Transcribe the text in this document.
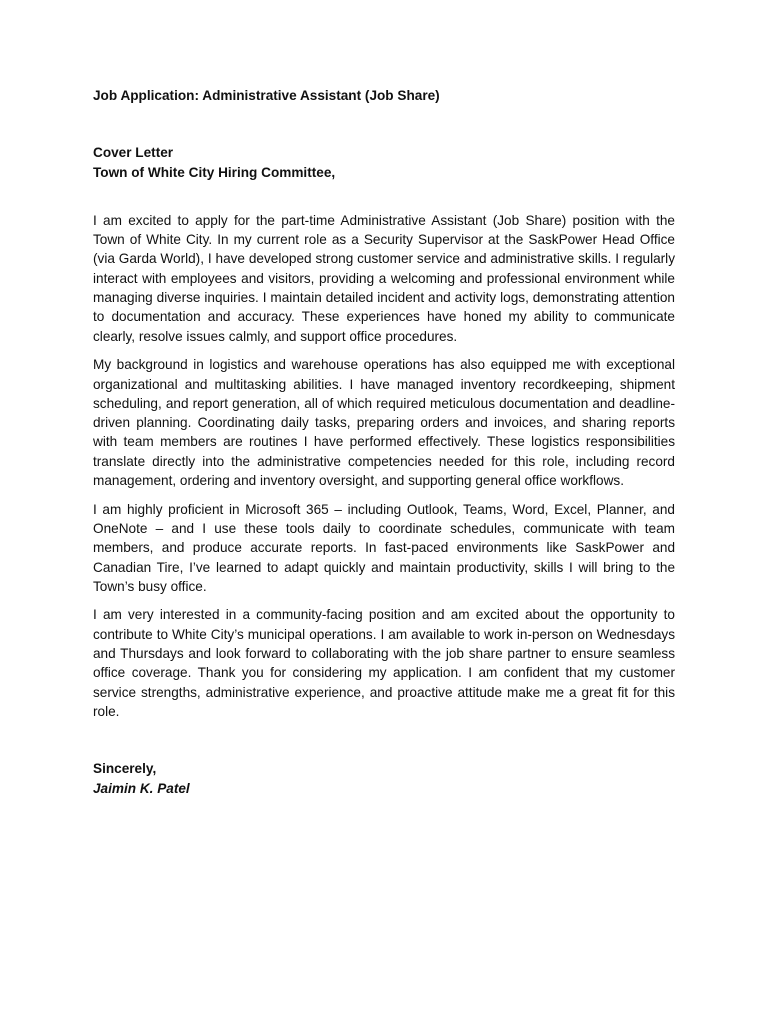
Job Application: Administrative Assistant (Job Share)
Cover Letter
Town of White City Hiring Committee,

I am excited to apply for the part-time Administrative Assistant (Job Share) position with the Town of White City. In my current role as a Security Supervisor at the SaskPower Head Office (via Garda World), I have developed strong customer service and administrative skills. I regularly interact with employees and visitors, providing a welcoming and professional environment while managing diverse inquiries. I maintain detailed incident and activity logs, demonstrating attention to documentation and accuracy. These experiences have honed my ability to communicate clearly, resolve issues calmly, and support office procedures.

My background in logistics and warehouse operations has also equipped me with exceptional organizational and multitasking abilities. I have managed inventory recordkeeping, shipment scheduling, and report generation, all of which required meticulous documentation and deadline-driven planning. Coordinating daily tasks, preparing orders and invoices, and sharing reports with team members are routines I have performed effectively. These logistics responsibilities translate directly into the administrative competencies needed for this role, including record management, ordering and inventory oversight, and supporting general office workflows.

I am highly proficient in Microsoft 365 – including Outlook, Teams, Word, Excel, Planner, and OneNote – and I use these tools daily to coordinate schedules, communicate with team members, and produce accurate reports. In fast-paced environments like SaskPower and Canadian Tire, I’ve learned to adapt quickly and maintain productivity, skills I will bring to the Town’s busy office.

I am very interested in a community-facing position and am excited about the opportunity to contribute to White City’s municipal operations. I am available to work in-person on Wednesdays and Thursdays and look forward to collaborating with the job share partner to ensure seamless office coverage. Thank you for considering my application. I am confident that my customer service strengths, administrative experience, and proactive attitude make me a great fit for this role.

Sincerely,
Jaimin K. Patel
